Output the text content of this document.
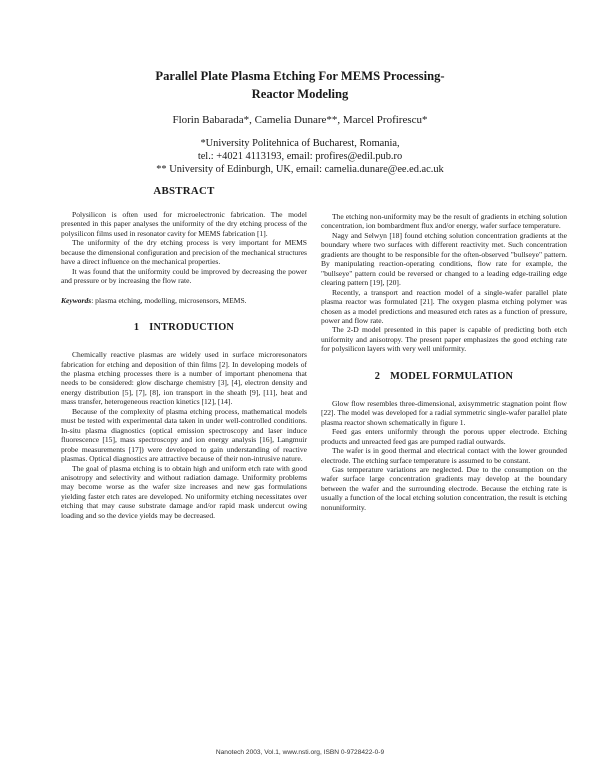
Parallel Plate Plasma Etching For MEMS Processing-
Reactor Modeling
Florin Babarada*, Camelia Dunare**, Marcel Profirescu*
*University Politehnica of Bucharest, Romania,
tel.: +4021 4113193, email: profires@edil.pub.ro
** University of Edinburgh, UK, email: camelia.dunare@ee.ed.ac.uk
ABSTRACT

Polysilicon is often used for microelectronic fabrication. The model presented in this paper analyses the uniformity of the dry etching process of the polysilicon films used in resonator cavity for MEMS fabrication [1].

The uniformity of the dry etching process is very important for MEMS because the dimensional configuration and precision of the mechanical structures have a direct influence on the mechanical properties.

It was found that the uniformity could be improved by decreasing the power and pressure or by increasing the flow rate.

Keywords: plasma etching, modelling, microsensors, MEMS.

1 INTRODUCTION

Chemically reactive plasmas are widely used in surface microresonators fabrication for etching and deposition of thin films [2]. In developing models of the plasma etching processes there is a number of important phenomena that needs to be considered: glow discharge chemistry [3], [4], electron density and energy distribution [5], [7], [8], ion transport in the sheath [9], [11], heat and mass transfer, heterogeneous reaction kinetics [12], [14].

Because of the complexity of plasma etching process, mathematical models must be tested with experimental data taken in under well-controlled conditions. In-situ plasma diagnostics (optical emission spectroscopy and laser induce fluorescence [15], mass spectroscopy and ion energy analysis [16], Langmuir probe measurements [17]) were developed to gain understanding of reactive plasmas. Optical diagnostics are attractive because of their non-intrusive nature.

The goal of plasma etching is to obtain high and uniform etch rate with good anisotropy and selectivity and without radiation damage. Uniformity problems may become worse as the wafer size increases and new gas formulations yielding faster etch rates are developed. No uniformity etching necessitates over etching that may cause substrate damage and/or rapid mask undercut owing loading and so the device yields may be decreased.

The etching non-uniformity may be the result of gradients in etching solution concentration, ion bombardment flux and/or energy, wafer surface temperature.

Nagy and Selwyn [18] found etching solution concentration gradients at the boundary where two surfaces with different reactivity met. Such concentration gradients are thought to be responsible for the often-observed "bullseye" pattern. By manipulating reaction-operating conditions, flow rate for example, the "bullseye" pattern could be reversed or changed to a leading edge-trailing edge clearing pattern [19], [20].

Recently, a transport and reaction model of a single-wafer parallel plate plasma reactor was formulated [21]. The oxygen plasma etching polymer was chosen as a model predictions and measured etch rates as a function of pressure, power and flow rate.

The 2-D model presented in this paper is capable of predicting both etch uniformity and anisotropy. The present paper emphasizes the good etching rate for polysilicon layers with very well uniformity.

2 MODEL FORMULATION

Glow flow resembles three-dimensional, axisymmetric stagnation point flow [22]. The model was developed for a radial symmetric single-wafer parallel plate plasma reactor shown schematically in figure 1.

Feed gas enters uniformly through the porous upper electrode. Etching products and unreacted feed gas are pumped radial outwards.

The wafer is in good thermal and electrical contact with the lower grounded electrode. The etching surface temperature is assumed to be constant.

Gas temperature variations are neglected. Due to the consumption on the wafer surface large concentration gradients may develop at the boundary between the wafer and the surrounding electrode. Because the etching rate is usually a function of the local etching solution concentration, the result is etching nonuniformity.

Nanotech 2003, Vol.1, www.nsti.org, ISBN 0-9728422-0-9
